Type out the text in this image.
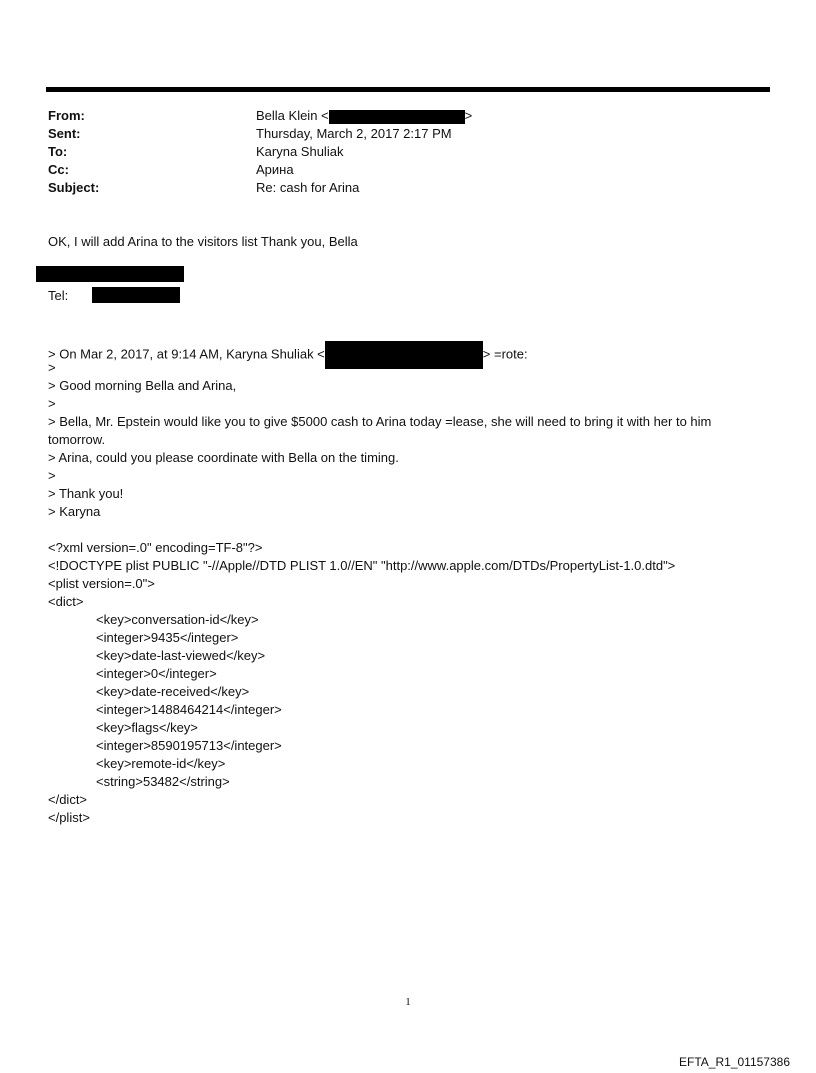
From:	Bella Klein <	>
Sent:	Thursday, March 2, 2017 2:17 PM
To:	Karyna Shuliak
Cc:	Арина
Subject:	Re: cash for Arina
OK, I will add Arina to the visitors list Thank you, Bella
Tel:
> On Mar 2, 2017, at 9:14 AM, Karyna Shuliak <	> =rote:
>
> Good morning Bella and Arina,
>
> Bella, Mr. Epstein would like you to give $5000 cash to Arina today =lease, she will need to bring it with her to him tomorrow.
> Arina, could you please coordinate with Bella on the timing.
>
> Thank you!
> Karyna
<?xml version=.0" encoding=TF-8"?>
<!DOCTYPE plist PUBLIC "-//Apple//DTD PLIST 1.0//EN" "http://www.apple.com/DTDs/PropertyList-1.0.dtd">
<plist version=.0">
<dict>
<key>conversation-id</key>
<integer>9435</integer>
<key>date-last-viewed</key>
<integer>0</integer>
<key>date-received</key>
<integer>1488464214</integer>
<key>flags</key>
<integer>8590195713</integer>
<key>remote-id</key>
<string>53482</string>
</dict>
</plist>
1
EFTA_R1_01157386
